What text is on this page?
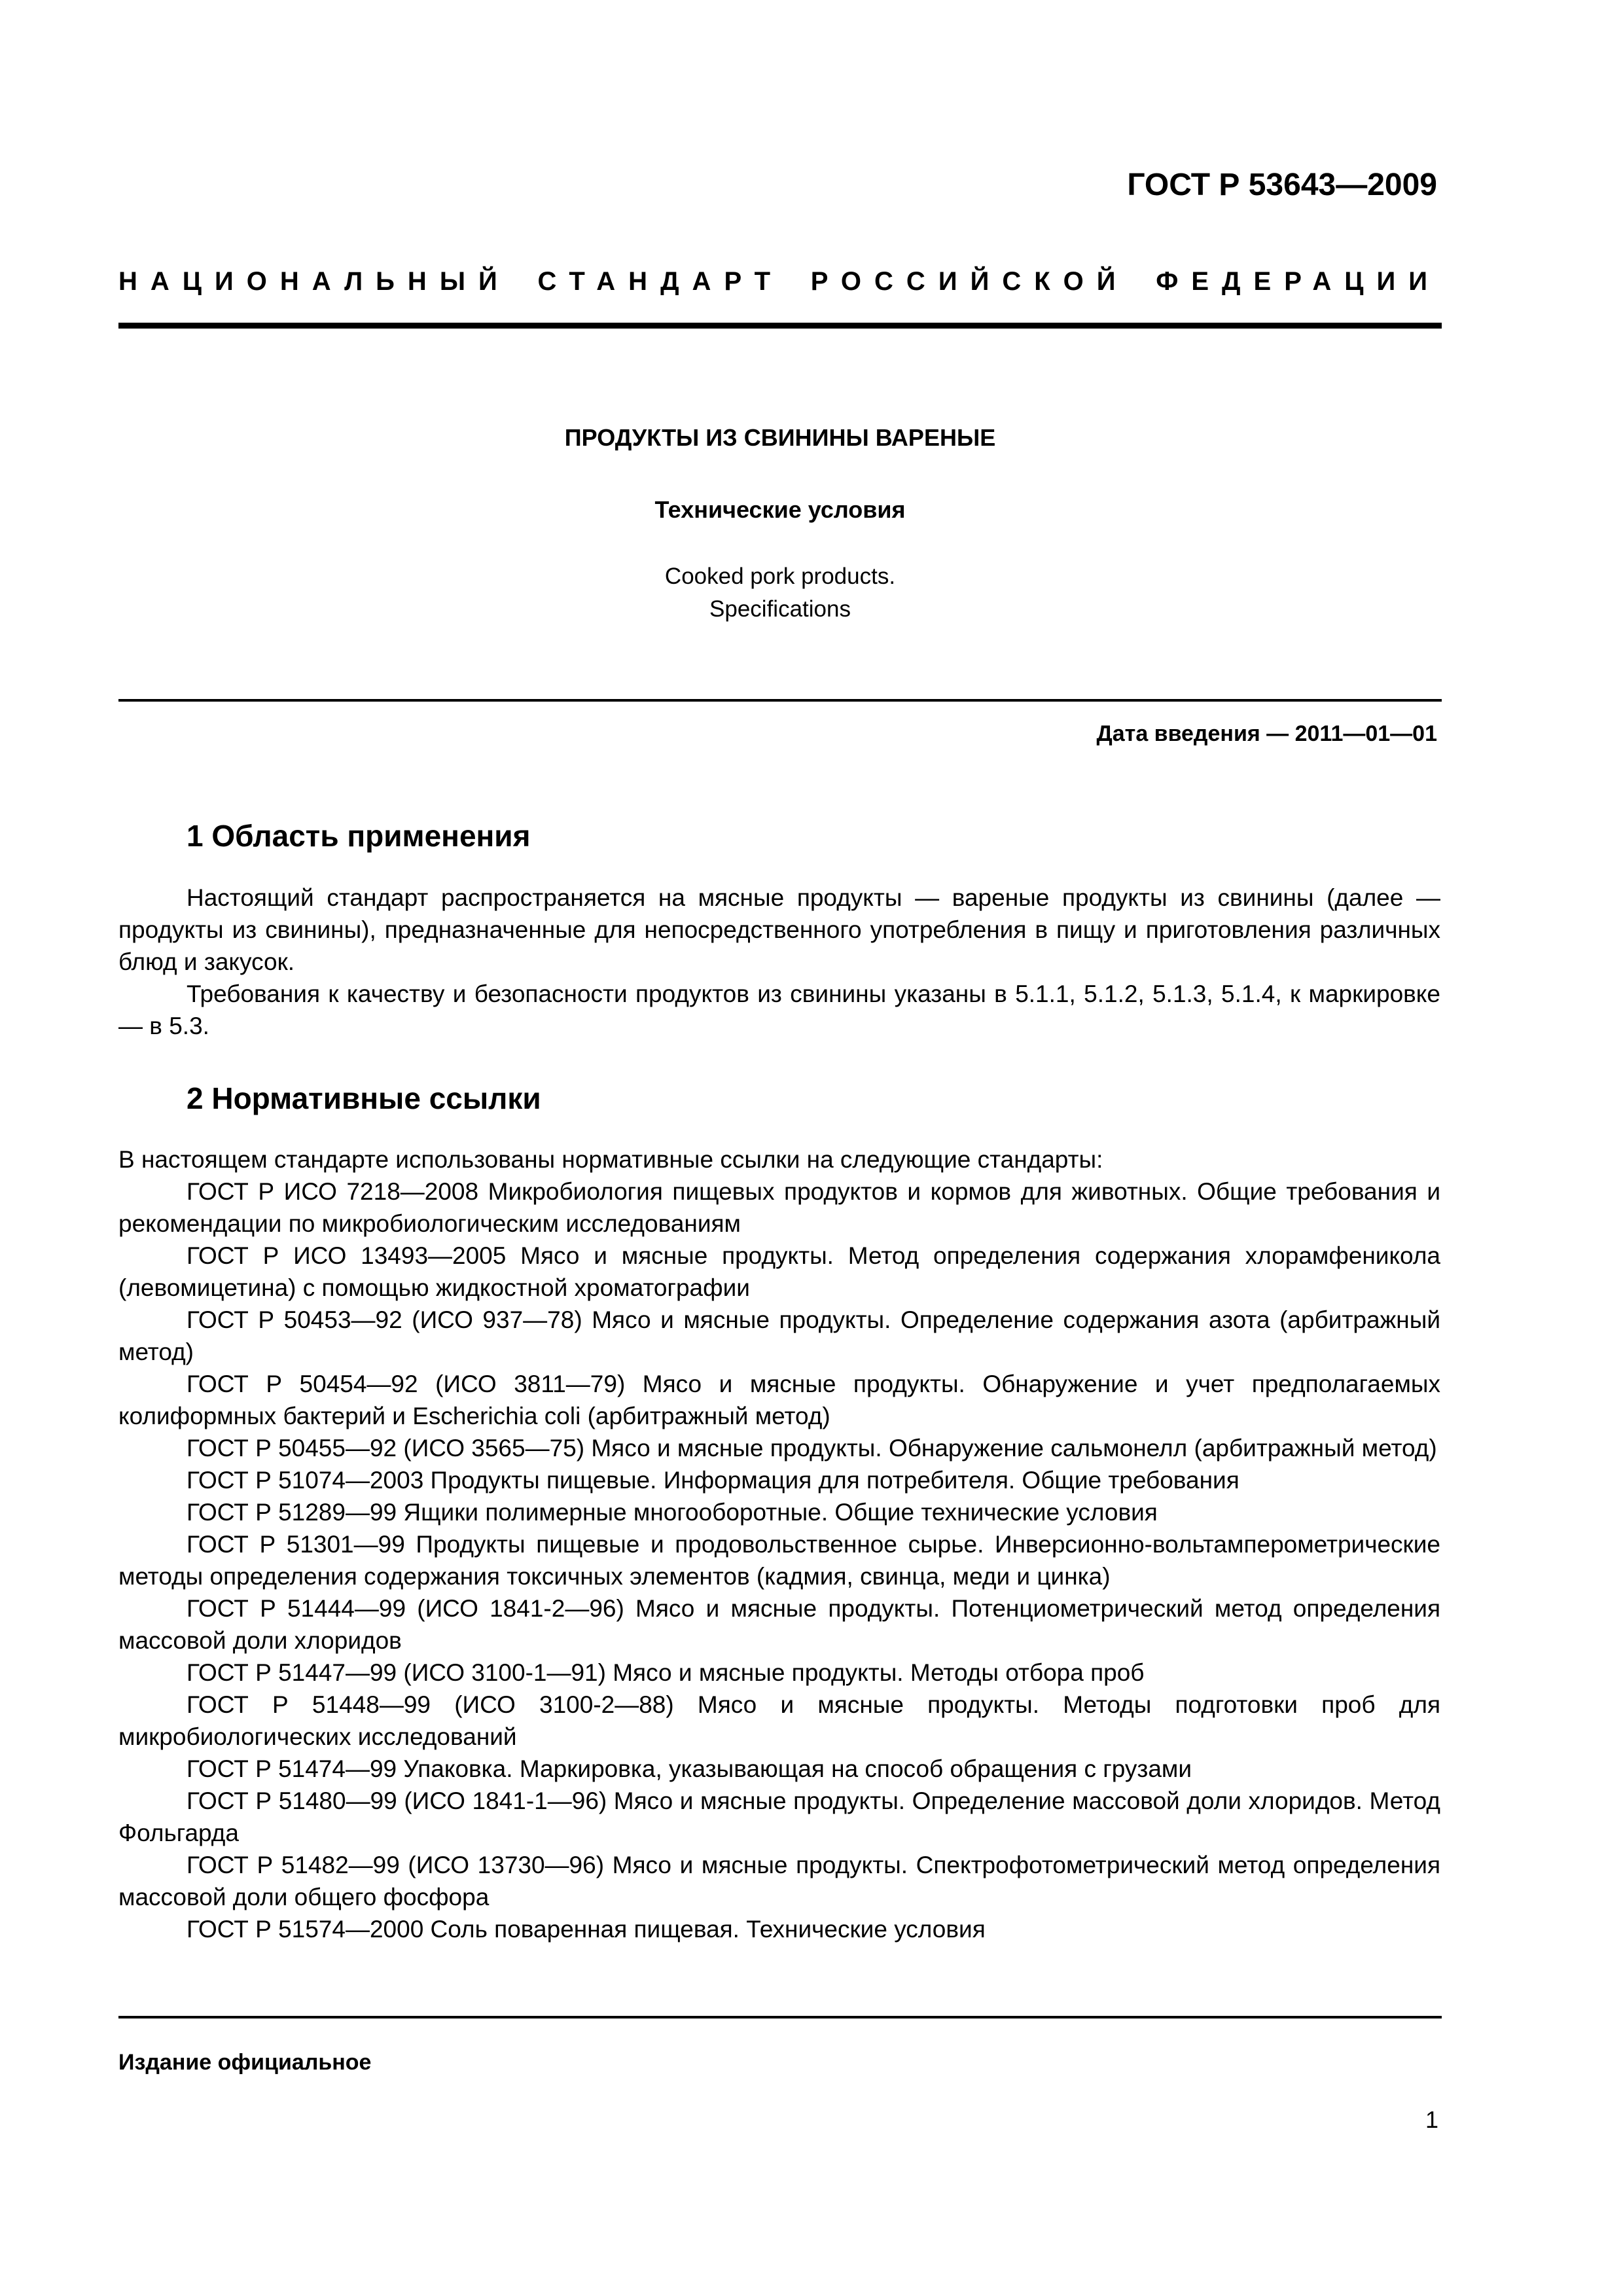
ГОСТ Р 53643—2009
НАЦИОНАЛЬНЫЙ СТАНДАРТ РОССИЙСКОЙ ФЕДЕРАЦИИ
ПРОДУКТЫ ИЗ СВИНИНЫ ВАРЕНЫЕ
Технические условия
Cooked pork products.
Specifications
Дата введения — 2011—01—01
1 Область применения

Настоящий стандарт распространяется на мясные продукты — вареные продукты из свинины (далее — продукты из свинины), предназначенные для непосредственного употребления в пищу и приготовления различных блюд и закусок.

Требования к качеству и безопасности продуктов из свинины указаны в 5.1.1, 5.1.2, 5.1.3, 5.1.4, к маркировке — в 5.3.

2 Нормативные ссылки

В настоящем стандарте использованы нормативные ссылки на следующие стандарты:

ГОСТ Р ИСО 7218—2008 Микробиология пищевых продуктов и кормов для животных. Общие требования и рекомендации по микробиологическим исследованиям

ГОСТ Р ИСО 13493—2005 Мясо и мясные продукты. Метод определения содержания хлорамфеникола (левомицетина) с помощью жидкостной хроматографии

ГОСТ Р 50453—92 (ИСО 937—78) Мясо и мясные продукты. Определение содержания азота (арбитражный метод)

ГОСТ Р 50454—92 (ИСО 3811—79) Мясо и мясные продукты. Обнаружение и учет предполагаемых колиформных бактерий и Escherichia coli (арбитражный метод)

ГОСТ Р 50455—92 (ИСО 3565—75) Мясо и мясные продукты. Обнаружение сальмонелл (арбитражный метод)

ГОСТ Р 51074—2003 Продукты пищевые. Информация для потребителя. Общие требования

ГОСТ Р 51289—99 Ящики полимерные многооборотные. Общие технические условия

ГОСТ Р 51301—99 Продукты пищевые и продовольственное сырье. Инверсионно-вольтамперометрические методы определения содержания токсичных элементов (кадмия, свинца, меди и цинка)

ГОСТ Р 51444—99 (ИСО 1841-2—96) Мясо и мясные продукты. Потенциометрический метод определения массовой доли хлоридов

ГОСТ Р 51447—99 (ИСО 3100-1—91) Мясо и мясные продукты. Методы отбора проб

ГОСТ Р 51448—99 (ИСО 3100-2—88) Мясо и мясные продукты. Методы подготовки проб для микробиологических исследований

ГОСТ Р 51474—99 Упаковка. Маркировка, указывающая на способ обращения с грузами

ГОСТ Р 51480—99 (ИСО 1841-1—96) Мясо и мясные продукты. Определение массовой доли хлоридов. Метод Фольгарда

ГОСТ Р 51482—99 (ИСО 13730—96) Мясо и мясные продукты. Спектрофотометрический метод определения массовой доли общего фосфора

ГОСТ Р 51574—2000 Соль поваренная пищевая. Технические условия

Издание официальное
1
